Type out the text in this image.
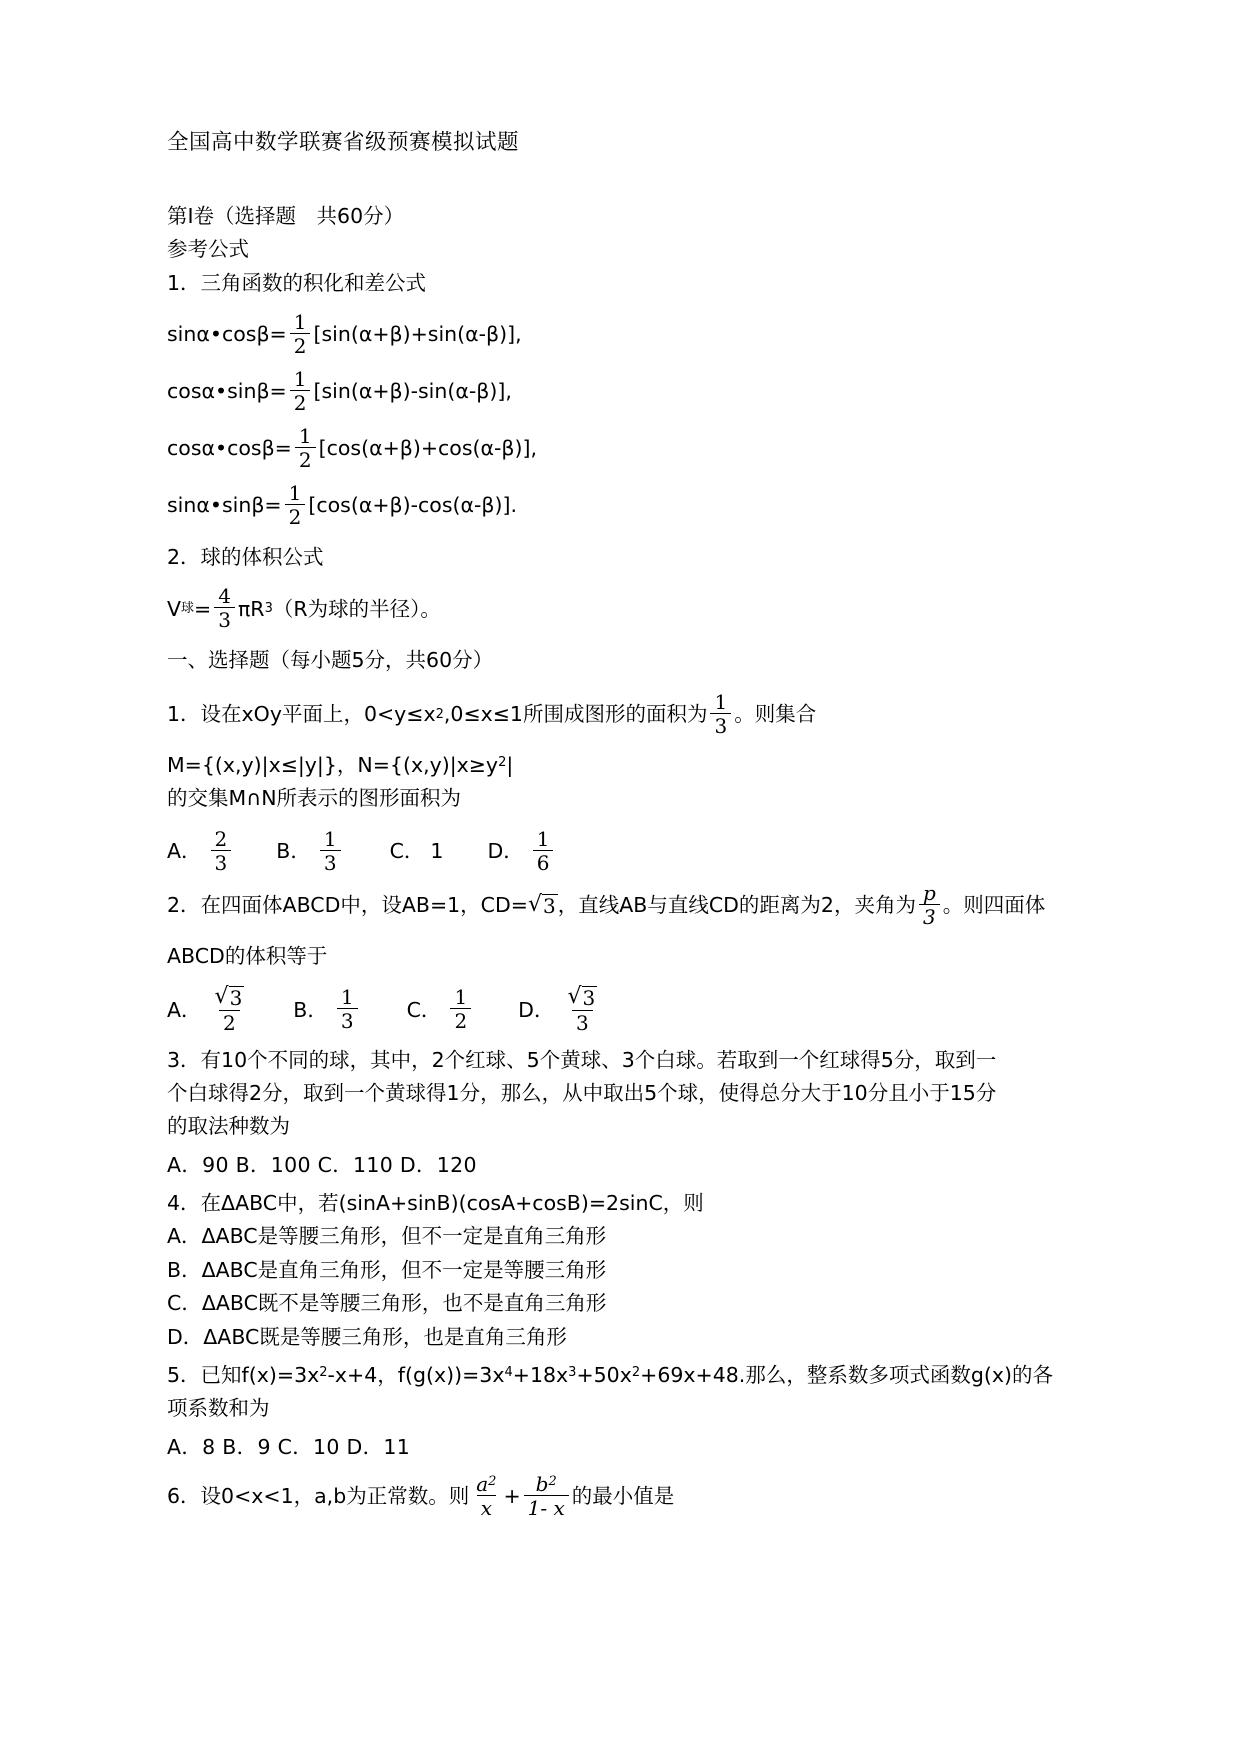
全国高中数学联赛省级预赛模拟试题
第Ⅰ卷（选择题　共60分）
参考公式
1．三角函数的积化和差公式
sinα•cosβ= $\frac{1}{2} [\sin(\alpha+\beta)+\sin(\alpha-\beta)]$,
cosα•sinβ= $\frac{1}{2} [\sin(\alpha+\beta)-\sin(\alpha-\beta)]$,
cosα•cosβ= $\frac{1}{2} [\cos(\alpha+\beta)+\cos(\alpha-\beta)]$,
sinα•sinβ= $\frac{1}{2} [\cos(\alpha+\beta)-\cos(\alpha-\beta)]$.
2．球的体积公式
V 球 = $\frac{4}{3}$ πR 3 （R为球的半径）。
一、选择题（每小题5分，共60分）
1． 设在xOy平面上，0<y≤x 2 ,0≤x≤1所围成图形的面积为 $\frac{1}{3}$ 。则集合
M={(x,y)|x≤|y|}，$N=\{(x,y)|x\ge y^2|$
的交集M∩N所表示的图形面积为
A． $\frac{2}{3}$ B． $\frac{1}{3}$ C． 1 D． $\frac{1}{6}$
2． 在四面体ABCD中，设AB=1，CD= √ 3 ，直线AB与直线CD的距离为2，夹角为 $\frac{p}{3}$ 。则四面体
ABCD的体积等于
A． $\frac{√ 3}{2}$ B． $\frac{1}{3}$ C． $\frac{1}{2}$ D． $\frac{√ 3}{3}$
3．有10个不同的球，其中，2个红球、5个黄球、3个白球。若取到一个红球得5分，取到一
个白球得2分，取到一个黄球得1分，那么，从中取出5个球，使得总分大于10分且小于15分
的取法种数为
A．90 B．100 C．110 D．120
4．在ΔABC中，若(sinA+sinB)(cosA+cosB)=2sinC，则
A．ΔABC是等腰三角形，但不一定是直角三角形
B．ΔABC是直角三角形，但不一定是等腰三角形
C．ΔABC既不是等腰三角形，也不是直角三角形
D．ΔABC既是等腰三角形，也是直角三角形
5．已知$f(x)=3x^2-x+4$，$f(g(x))=3x^4+18x^3+50x^2+69x+48$.那么，整系数多项式函数g(x)的各
项系数和为
A．8 B．9 C．10 D．11
6． 设0<x<1，a,b为正常数。则 $\frac{a^2}{x} + \frac{b^2}{1- x}$ 的最小值是
